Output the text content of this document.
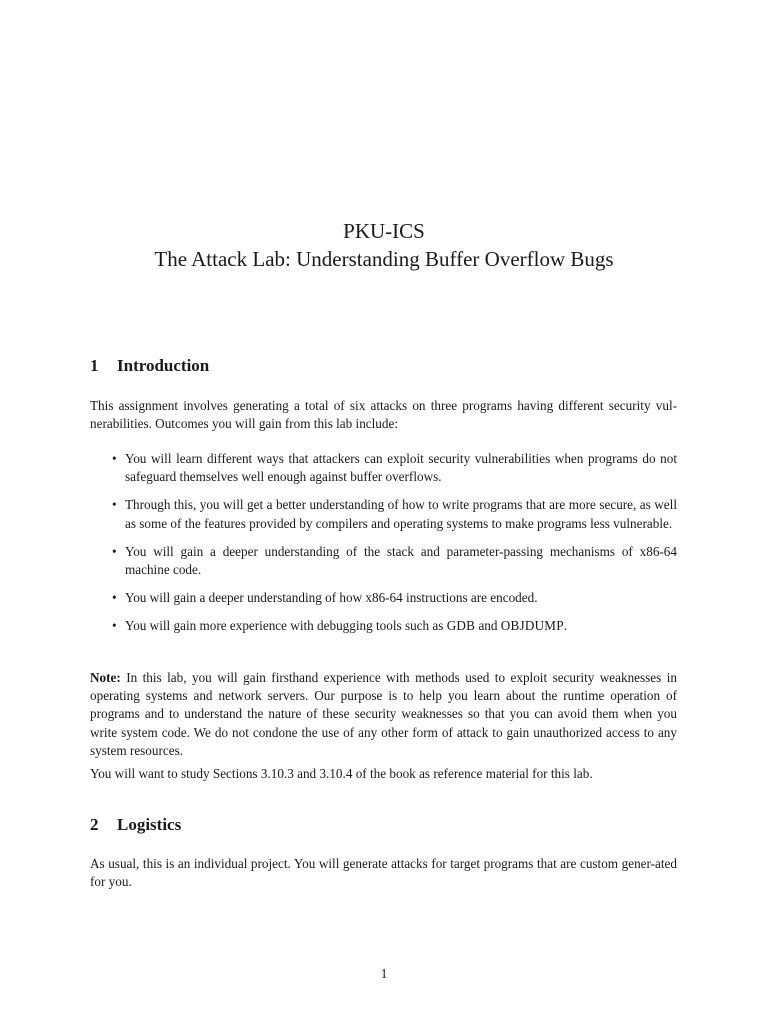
PKU-ICS
The Attack Lab: Understanding Buffer Overflow Bugs
1 Introduction

This assignment involves generating a total of six attacks on three programs having different security vul-nerabilities. Outcomes you will gain from this lab include:

• You will learn different ways that attackers can exploit security vulnerabilities when programs do not safeguard themselves well enough against buffer overflows.
• Through this, you will get a better understanding of how to write programs that are more secure, as well as some of the features provided by compilers and operating systems to make programs less vulnerable.
• You will gain a deeper understanding of the stack and parameter-passing mechanisms of x86-64 machine code.
• You will gain a deeper understanding of how x86-64 instructions are encoded.
• You will gain more experience with debugging tools such as GDB and OBJDUMP.

Note: In this lab, you will gain firsthand experience with methods used to exploit security weaknesses in operating systems and network servers. Our purpose is to help you learn about the runtime operation of programs and to understand the nature of these security weaknesses so that you can avoid them when you write system code. We do not condone the use of any other form of attack to gain unauthorized access to any system resources.

You will want to study Sections 3.10.3 and 3.10.4 of the book as reference material for this lab.

2 Logistics

As usual, this is an individual project. You will generate attacks for target programs that are custom gener-ated for you.

1
